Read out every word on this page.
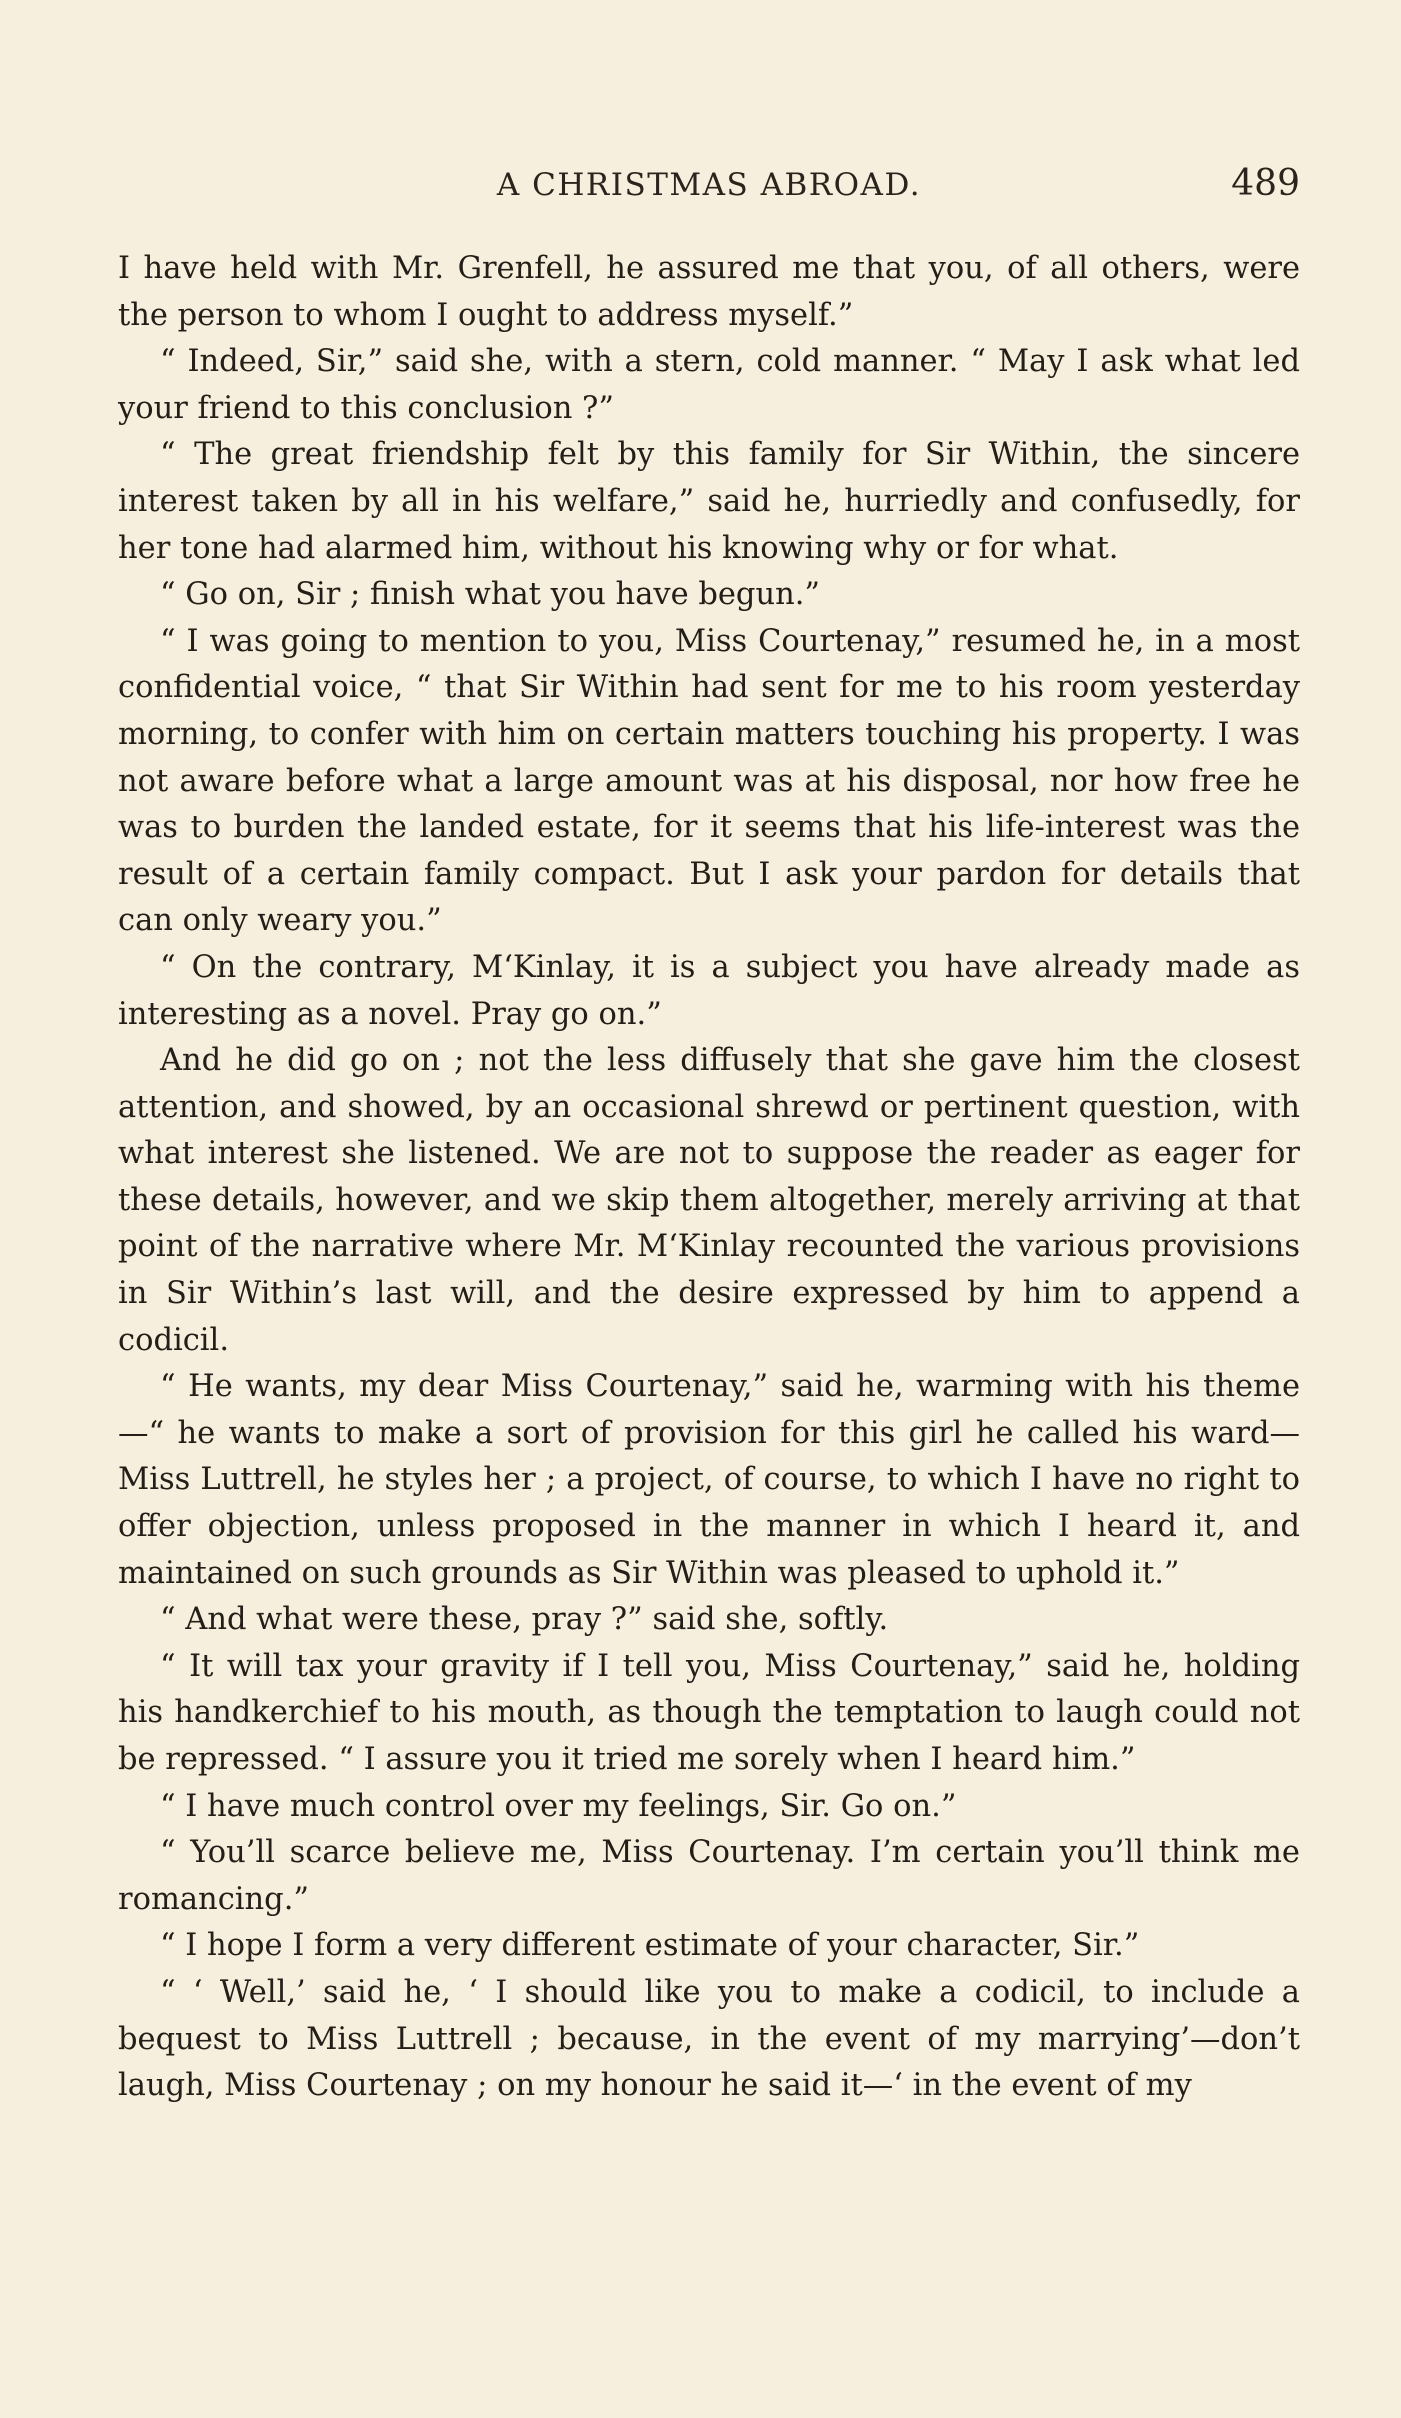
A CHRISTMAS ABROAD.	489

I have held with Mr. Grenfell, he assured me that you, of all others, were the person to whom I ought to address myself.”

“ Indeed, Sir,” said she, with a stern, cold manner. “ May I ask what led your friend to this conclusion ?”

“ The great friendship felt by this family for Sir Within, the sincere interest taken by all in his welfare,” said he, hurriedly and confusedly, for her tone had alarmed him, without his knowing why or for what.

“ Go on, Sir ; finish what you have begun.”

“ I was going to mention to you, Miss Courtenay,” resumed he, in a most confidential voice, “ that Sir Within had sent for me to his room yesterday morning, to confer with him on certain matters touching his property. I was not aware before what a large amount was at his disposal, nor how free he was to burden the landed estate, for it seems that his life-interest was the result of a certain family compact. But I ask your pardon for details that can only weary you.”

“ On the contrary, M‘Kinlay, it is a subject you have already made as interesting as a novel. Pray go on.”

And he did go on ; not the less diffusely that she gave him the closest attention, and showed, by an occasional shrewd or pertinent question, with what interest she listened. We are not to suppose the reader as eager for these details, however, and we skip them altogether, merely arriving at that point of the narrative where Mr. M‘Kinlay recounted the various provisions in Sir Within’s last will, and the desire expressed by him to append a codicil.

“ He wants, my dear Miss Courtenay,” said he, warming with his theme—“ he wants to make a sort of provision for this girl he called his ward—Miss Luttrell, he styles her ; a project, of course, to which I have no right to offer objection, unless proposed in the manner in which I heard it, and maintained on such grounds as Sir Within was pleased to uphold it.”

“ And what were these, pray ?” said she, softly.

“ It will tax your gravity if I tell you, Miss Courtenay,” said he, holding his handkerchief to his mouth, as though the temptation to laugh could not be repressed. “ I assure you it tried me sorely when I heard him.”

“ I have much control over my feelings, Sir. Go on.”

“ You’ll scarce believe me, Miss Courtenay. I’m certain you’ll think me romancing.”

“ I hope I form a very different estimate of your character, Sir.”

“ ‘ Well,’ said he, ‘ I should like you to make a codicil, to include a bequest to Miss Luttrell ; because, in the event of my marrying’—don’t laugh, Miss Courtenay ; on my honour he said it—‘ in the event of my
